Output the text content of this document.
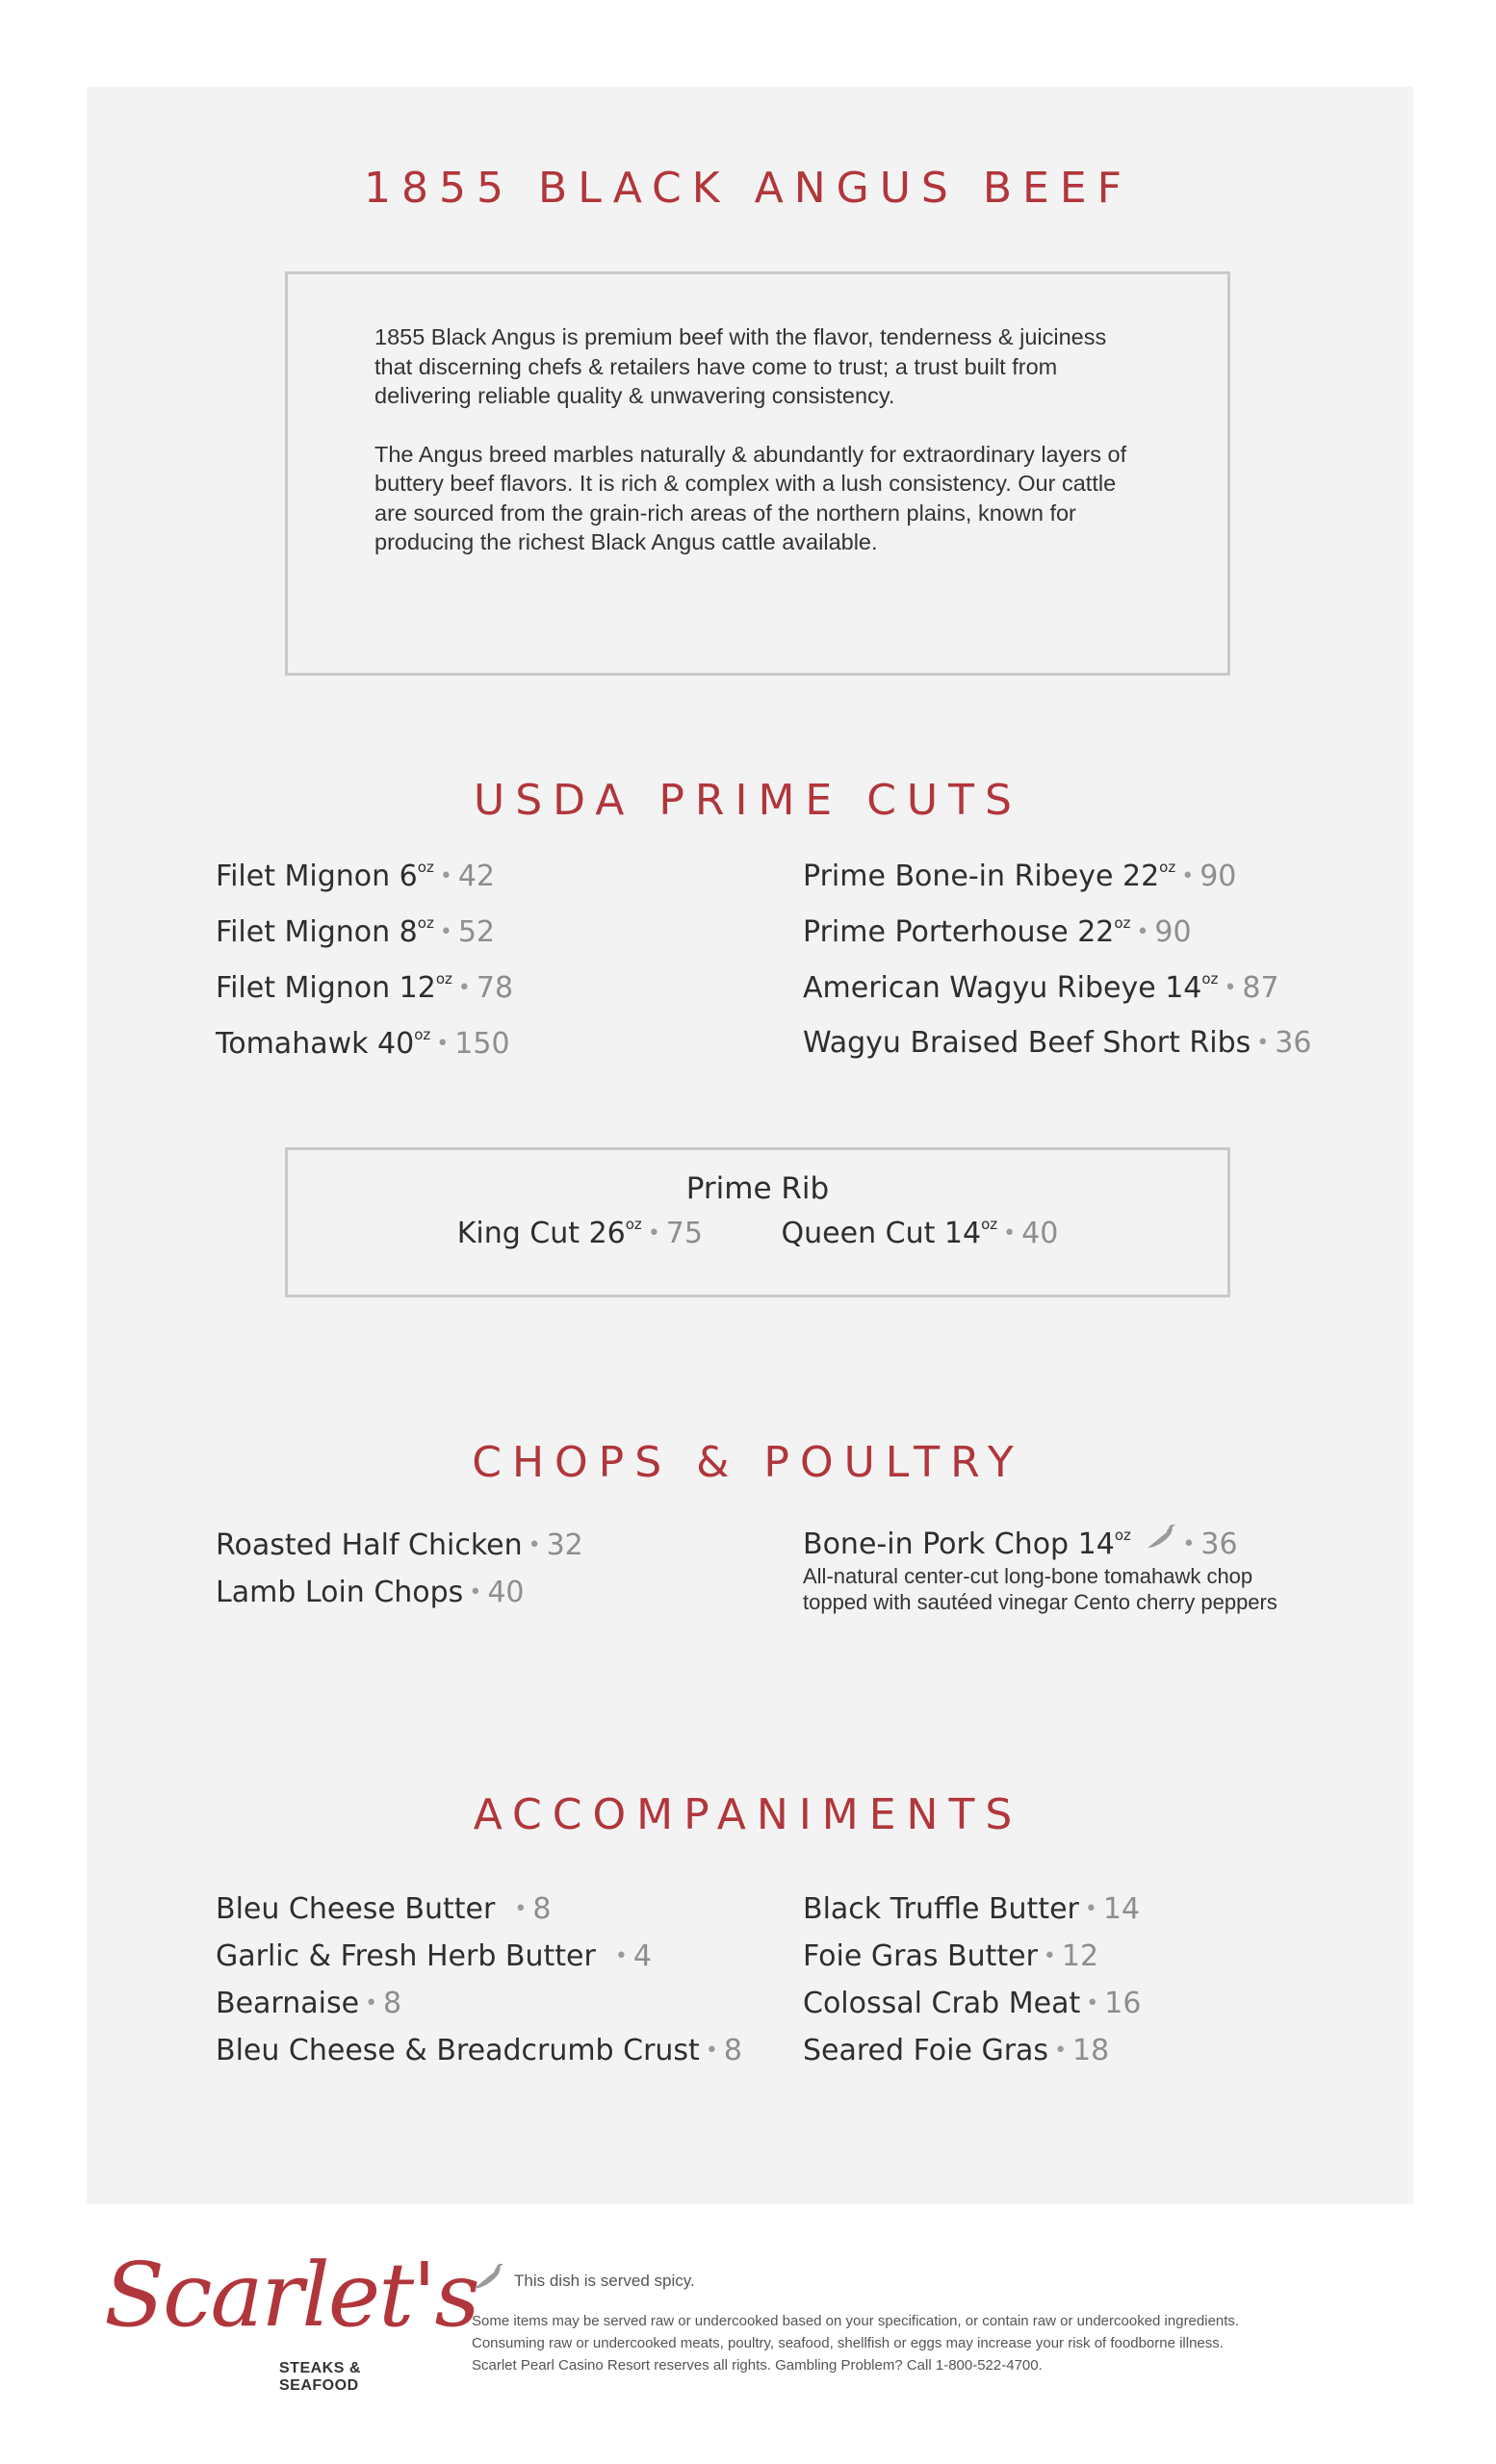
1855 BLACK ANGUS BEEF

1855 Black Angus is premium beef with the flavor, tenderness & juiciness that discerning chefs & retailers have come to trust; a trust built from delivering reliable quality & unwavering consistency.

The Angus breed marbles naturally & abundantly for extraordinary layers of buttery beef flavors. It is rich & complex with a lush consistency. Our cattle are sourced from the grain-rich areas of the northern plains, known for producing the richest Black Angus cattle available.

USDA PRIME CUTS
Filet Mignon $6^{oz}$ • 42
Filet Mignon $8^{oz}$ • 52
Filet Mignon $12^{oz}$ • 78
Tomahawk $40^{oz}$ • 150
Prime Bone-in Ribeye $22^{oz}$ • 90
Prime Porterhouse $22^{oz}$ • 90
American Wagyu Ribeye $14^{oz}$ • 87
Wagyu Braised Beef Short Ribs • 36
Prime Rib
King Cut $26^{oz}$ • 75	Queen Cut $14^{oz}$ • 40
CHOPS & POULTRY
Roasted Half Chicken • 32
Lamb Loin Chops • 40
Bone-in Pork Chop $14^{oz}$ • 36
All-natural center-cut long-bone tomahawk chop topped with sautéed vinegar Cento cherry peppers
ACCOMPANIMENTS
Bleu Cheese Butter • 8
Garlic & Fresh Herb Butter • 4
Bearnaise • 8
Bleu Cheese & Breadcrumb Crust • 8
Black Truffle Butter • 14
Foie Gras Butter • 12
Colossal Crab Meat • 16
Seared Foie Gras • 18
Scarlet's
STEAKS & SEAFOOD
This dish is served spicy.
Some items may be served raw or undercooked based on your specification, or contain raw or undercooked ingredients.
Consuming raw or undercooked meats, poultry, seafood, shellfish or eggs may increase your risk of foodborne illness.
Scarlet Pearl Casino Resort reserves all rights. Gambling Problem? Call 1-800-522-4700.
